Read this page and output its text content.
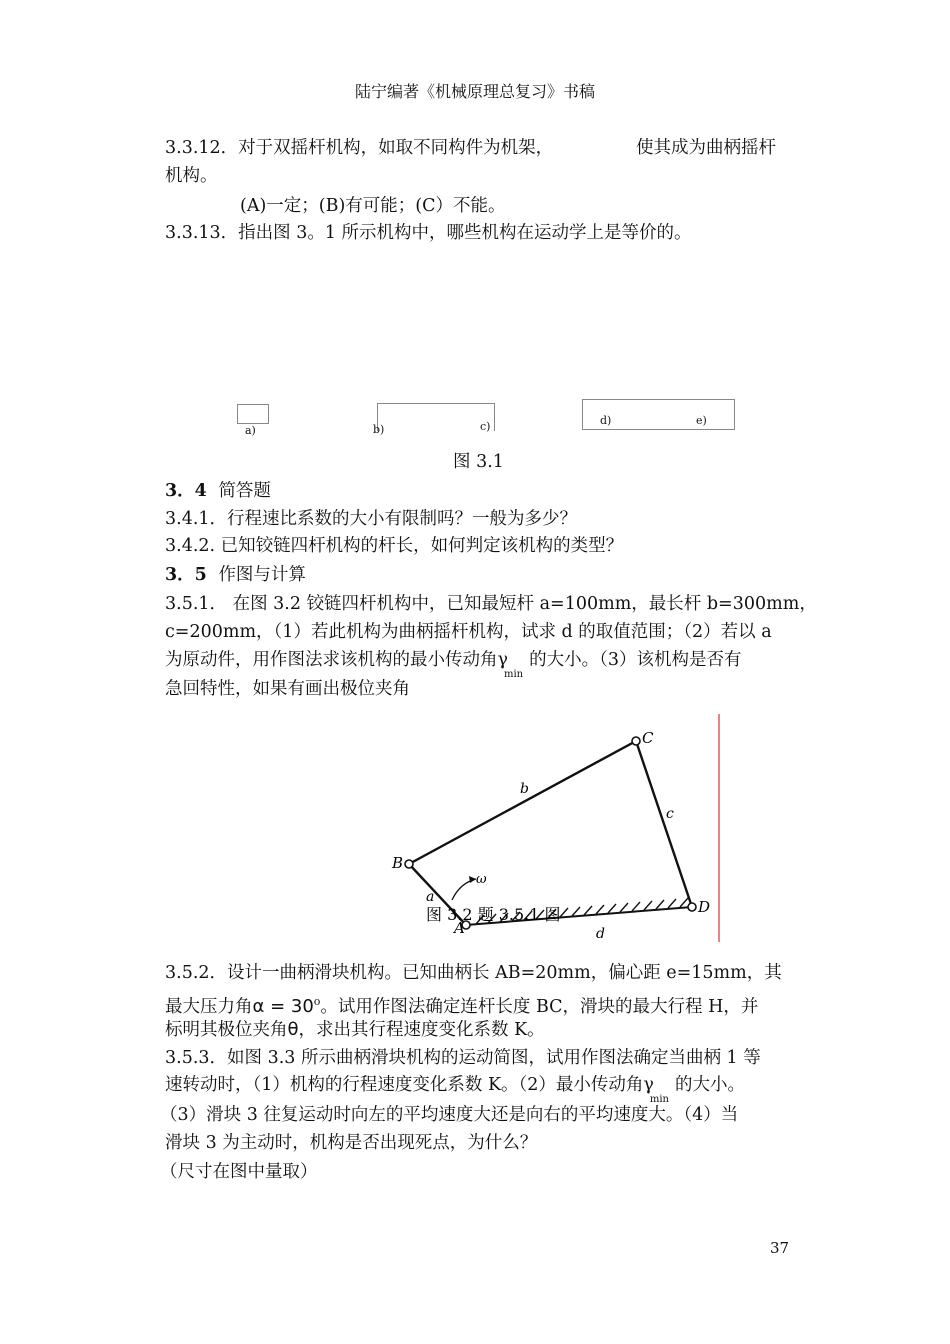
陆宁编著《机械原理总复习》书稿
3.3.12．对于双摇杆机构，如取不同构件为机架，	使其成为曲柄摇杆
机构。
(A)一定；(B)有可能；(C）不能。
3.3.13．指出图 3。1 所示机构中，哪些机构在运动学上是等价的。
a)	b)	c)	d)	e)
图 3.1
3．4 简答题
3.4.1．行程速比系数的大小有限制吗？一般为多少？
3.4.2. 已知铰链四杆机构的杆长，如何判定该机构的类型？
3．5 作图与计算
3.5.1． 在图 3.2 铰链四杆机构中，已知最短杆 a=100mm，最长杆 b=300mm，
c=200mm，（1）若此机构为曲柄摇杆机构，试求 d 的取值范围；（2）若以 a
为原动件，用作图法求该机构的最小传动角$\gamma_{min}$的大小。（3）该机构是否有
急回特性，如果有画出极位夹角
A
B
C
D
a
b
c
d
ω
图 3.2 题 3.5.1 图
3.5.2．设计一曲柄滑块机构。已知曲柄长 AB=20mm，偏心距 e=15mm，其
最大压力角$\alpha = 30^o$。试用作图法确定连杆长度 BC，滑块的最大行程 H，并
标明其极位夹角θ，求出其行程速度变化系数 K。
3.5.3．如图 3.3 所示曲柄滑块机构的运动简图，试用作图法确定当曲柄 1 等
速转动时，（1）机构的行程速度变化系数 K。（2）最小传动角$\gamma_{min}$的大小。
（3）滑块 3 往复运动时向左的平均速度大还是向右的平均速度大。（4）当
滑块 3 为主动时，机构是否出现死点，为什么？
（尺寸在图中量取）
37
